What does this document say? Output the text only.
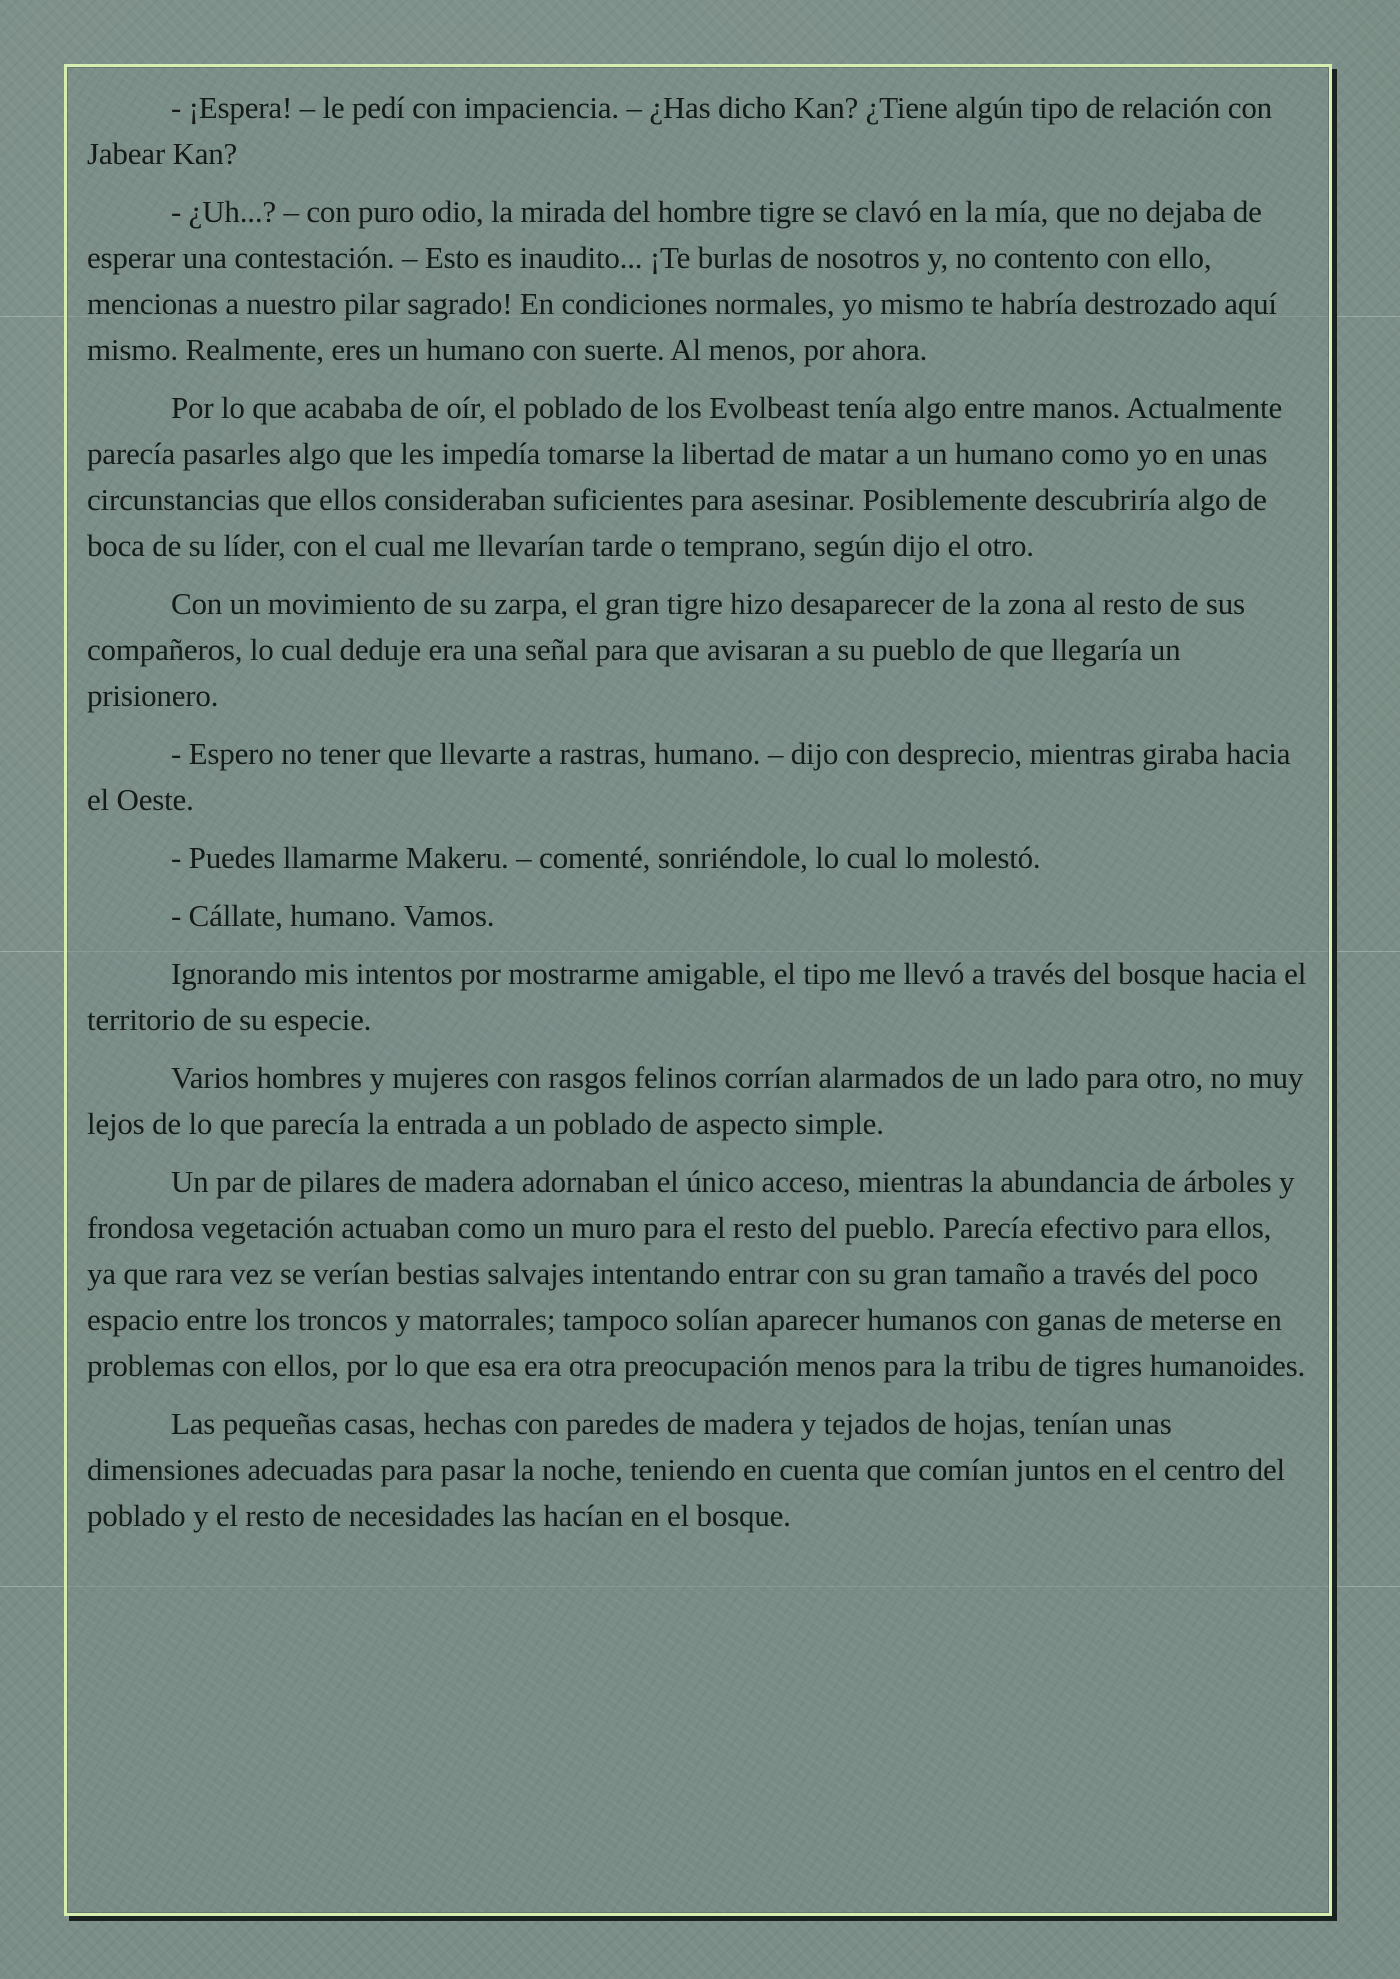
- ¡Espera! – le pedí con impaciencia. – ¿Has dicho Kan? ¿Tiene algún tipo de relación con Jabear Kan?

- ¿Uh...? – con puro odio, la mirada del hombre tigre se clavó en la mía, que no dejaba de esperar una contestación. – Esto es inaudito... ¡Te burlas de nosotros y, no contento con ello, mencionas a nuestro pilar sagrado! En condiciones normales, yo mismo te habría destrozado aquí mismo. Realmente, eres un humano con suerte. Al menos, por ahora.

Por lo que acababa de oír, el poblado de los Evolbeast tenía algo entre manos. Actualmente parecía pasarles algo que les impedía tomarse la libertad de matar a un humano como yo en unas circunstancias que ellos consideraban suficientes para asesinar. Posiblemente descubriría algo de boca de su líder, con el cual me llevarían tarde o temprano, según dijo el otro.

Con un movimiento de su zarpa, el gran tigre hizo desaparecer de la zona al resto de sus compañeros, lo cual deduje era una señal para que avisaran a su pueblo de que llegaría un prisionero.

- Espero no tener que llevarte a rastras, humano. – dijo con desprecio, mientras giraba hacia el Oeste.

- Puedes llamarme Makeru. – comenté, sonriéndole, lo cual lo molestó.

- Cállate, humano. Vamos.

Ignorando mis intentos por mostrarme amigable, el tipo me llevó a través del bosque hacia el territorio de su especie.

Varios hombres y mujeres con rasgos felinos corrían alarmados de un lado para otro, no muy lejos de lo que parecía la entrada a un poblado de aspecto simple.

Un par de pilares de madera adornaban el único acceso, mientras la abundancia de árboles y frondosa vegetación actuaban como un muro para el resto del pueblo. Parecía efectivo para ellos, ya que rara vez se verían bestias salvajes intentando entrar con su gran tamaño a través del poco espacio entre los troncos y matorrales; tampoco solían aparecer humanos con ganas de meterse en problemas con ellos, por lo que esa era otra preocupación menos para la tribu de tigres humanoides.

Las pequeñas casas, hechas con paredes de madera y tejados de hojas, tenían unas dimensiones adecuadas para pasar la noche, teniendo en cuenta que comían juntos en el centro del poblado y el resto de necesidades las hacían en el bosque.
